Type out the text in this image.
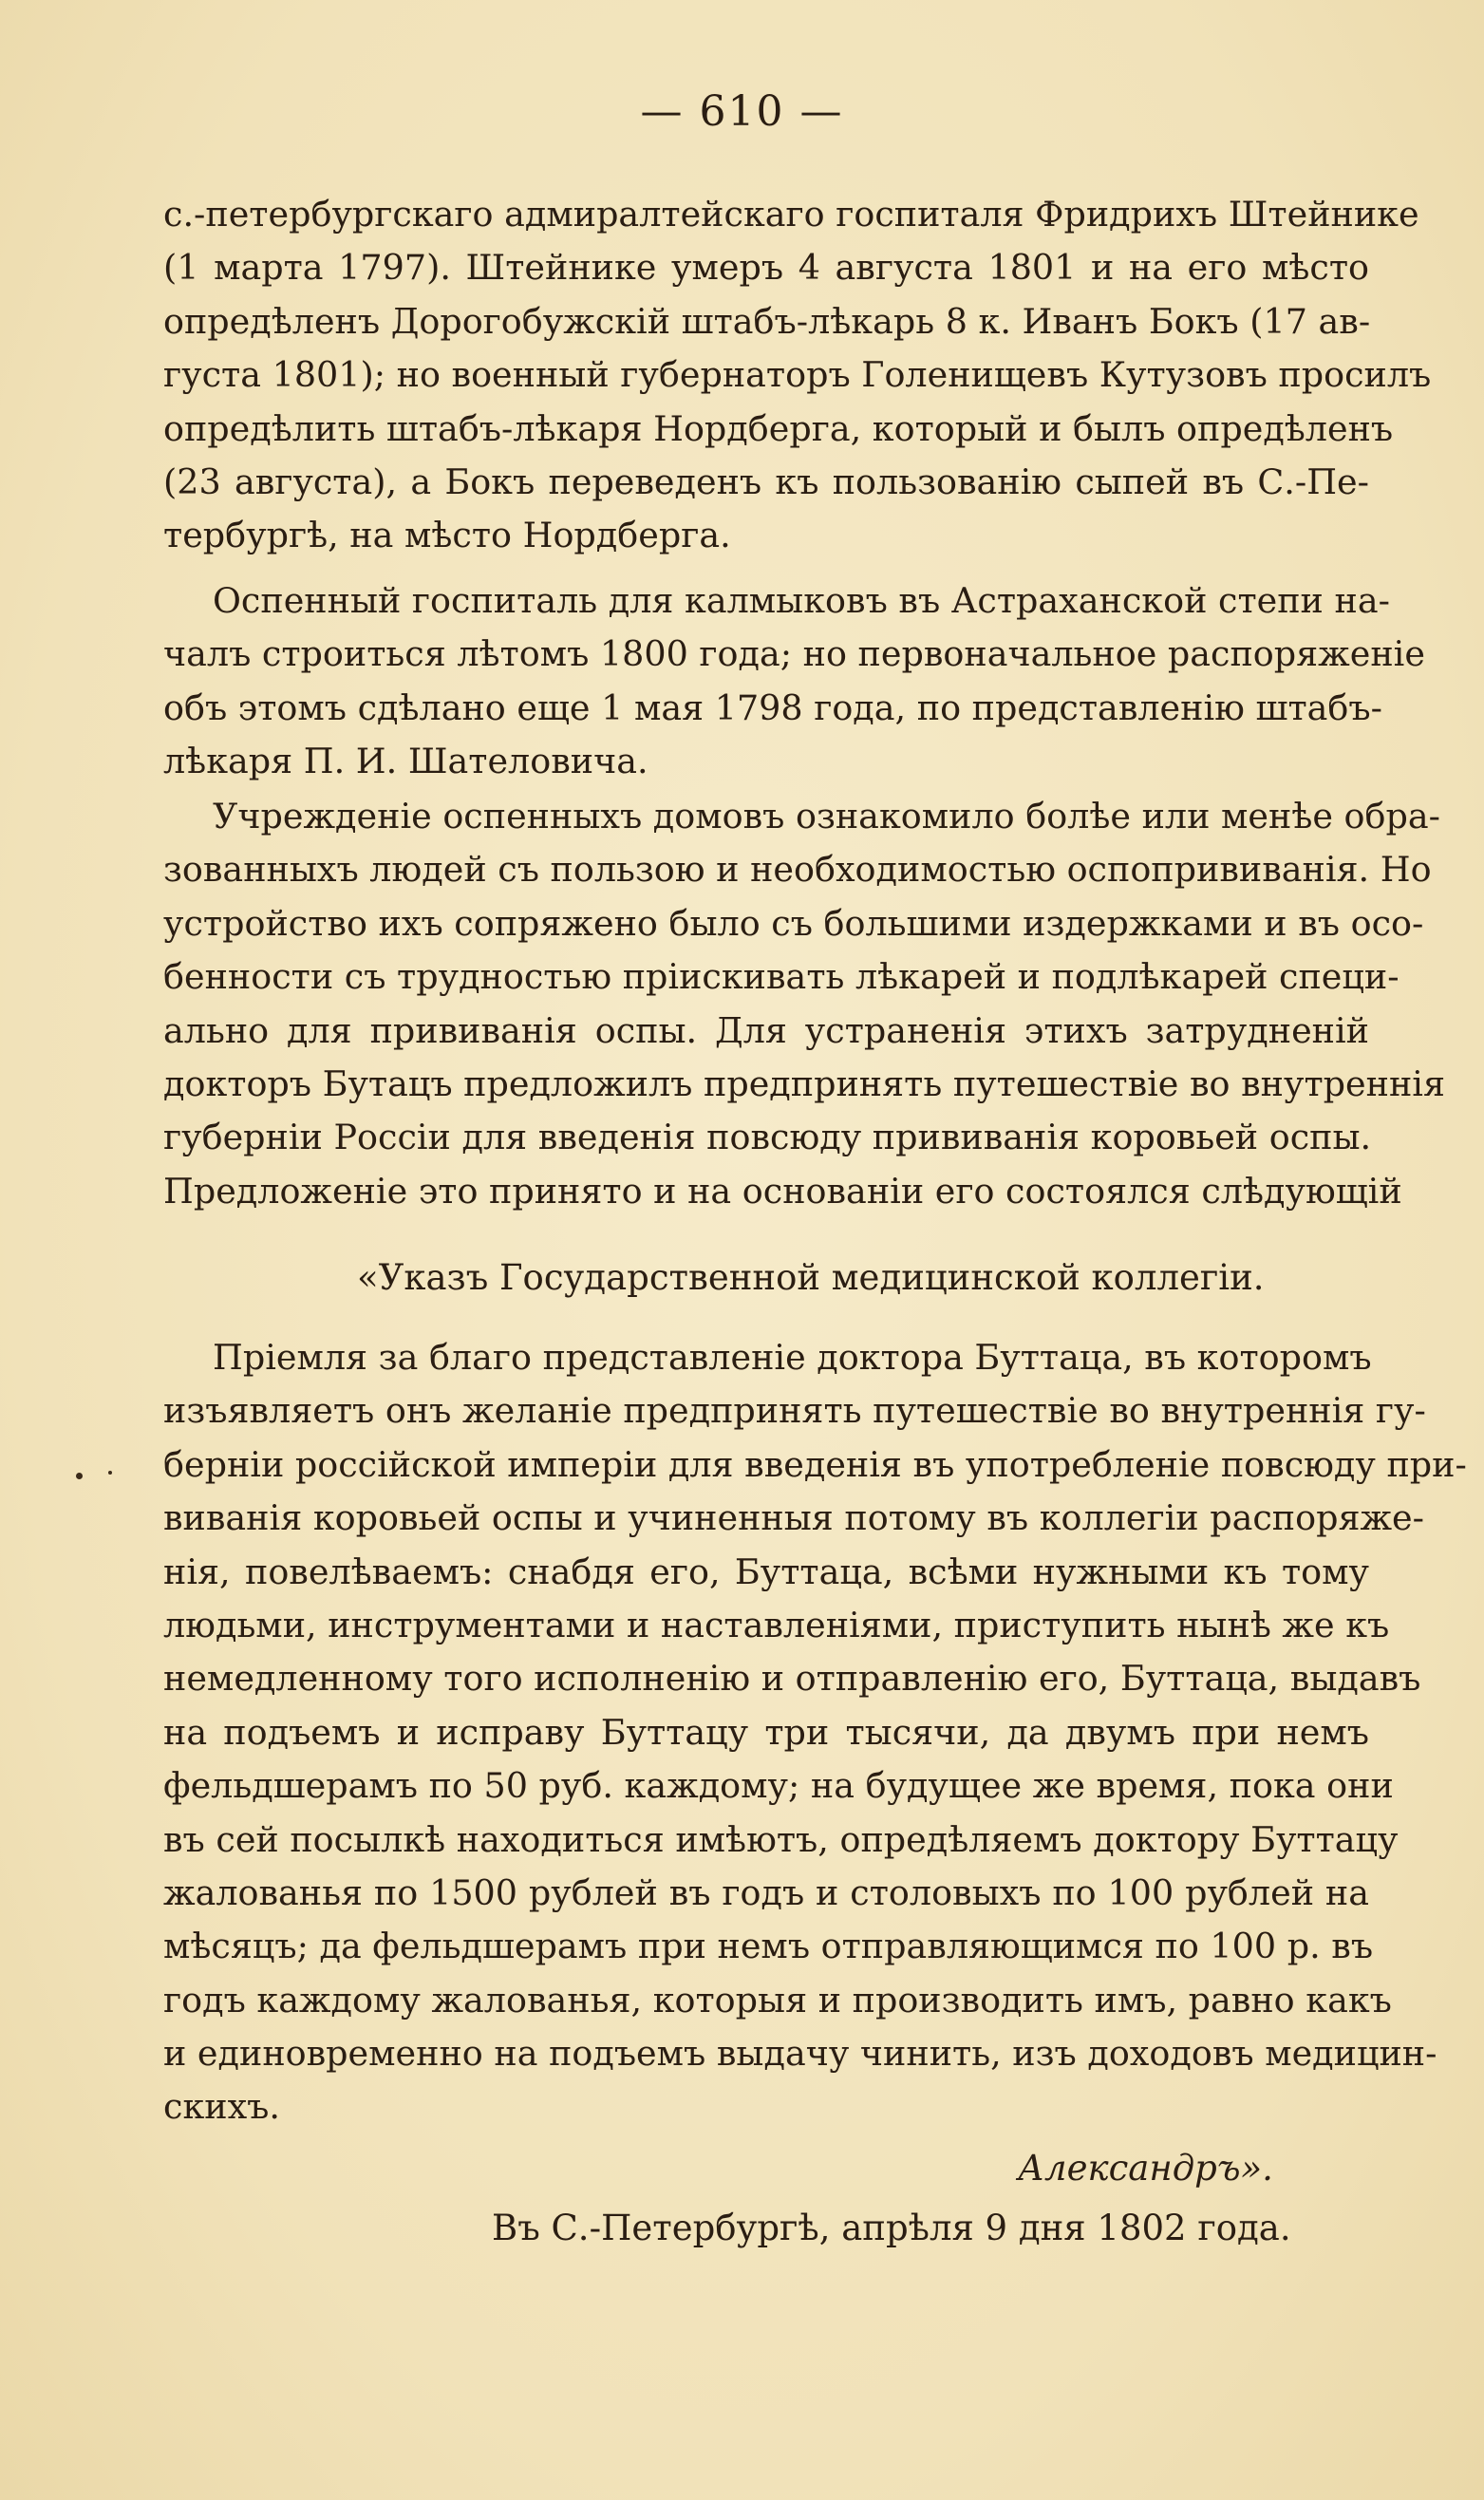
— 610 —
с.-петербургскаго адмиралтейскаго госпиталя Фридрихъ Штейнике
(1 марта 1797). Штейнике умеръ 4 августа 1801 и на его мѣсто
опредѣленъ Дорогобужскій штабъ-лѣкарь 8 к. Иванъ Бокъ (17 ав-
густа 1801); но военный губернаторъ Голенищевъ Кутузовъ просилъ
опредѣлить штабъ-лѣкаря Нордберга, который и былъ опредѣленъ
(23 августа), а Бокъ переведенъ къ пользованію сыпей въ С.-Пе-
тербургѣ, на мѣсто Нордберга.
Оспенный госпиталь для калмыковъ въ Астраханской степи на-
чалъ строиться лѣтомъ 1800 года; но первоначальное распоряженіе
объ этомъ сдѣлано еще 1 мая 1798 года, по представленію штабъ-
лѣкаря П. И. Шателовича.
Учрежденіе оспенныхъ домовъ ознакомило болѣе или менѣе обра-
зованныхъ людей съ пользою и необходимостью оспопрививанія. Но
устройство ихъ сопряжено было съ большими издержками и въ осо-
бенности съ трудностью пріискивать лѣкарей и подлѣкарей специ-
ально для прививанія оспы. Для устраненія этихъ затрудненій
докторъ Бутацъ предложилъ предпринять путешествіе во внутреннія
губерніи Россіи для введенія повсюду прививанія коровьей оспы.
Предложеніе это принято и на основаніи его состоялся слѣдующій
«Указъ Государственной медицинской коллегіи.
Пріемля за благо представленіе доктора Буттаца, въ которомъ
изъявляетъ онъ желаніе предпринять путешествіе во внутреннія гу-
берніи россійской имперіи для введенія въ употребленіе повсюду при-
виванія коровьей оспы и учиненныя потому въ коллегіи распоряже-
нія, повелѣваемъ: снабдя его, Буттаца, всѣми нужными къ тому
людьми, инструментами и наставленіями, приступить нынѣ же къ
немедленному того исполненію и отправленію его, Буттаца, выдавъ
на подъемъ и исправу Буттацу три тысячи, да двумъ при немъ
фельдшерамъ по 50 руб. каждому; на будущее же время, пока они
въ сей посылкѣ находиться имѣютъ, опредѣляемъ доктору Буттацу
жалованья по 1500 рублей въ годъ и столовыхъ по 100 рублей на
мѣсяцъ; да фельдшерамъ при немъ отправляющимся по 100 р. въ
годъ каждому жалованья, которыя и производить имъ, равно какъ
и единовременно на подъемъ выдачу чинить, изъ доходовъ медицин-
скихъ.
Александръ».
Въ С.-Петербургѣ, апрѣля 9 дня 1802 года.
